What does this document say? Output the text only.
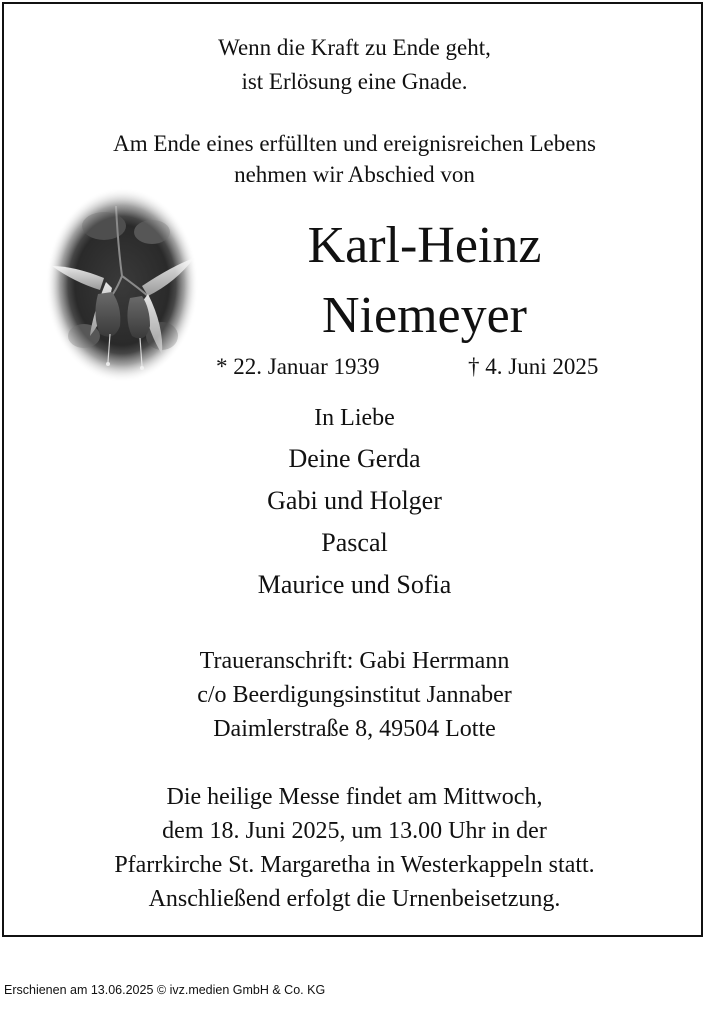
Wenn die Kraft zu Ende geht,
ist Erlösung eine Gnade.
Am Ende eines erfüllten und ereignisreichen Lebens
nehmen wir Abschied von
Karl-Heinz
Niemeyer
* 22. Januar 1939	† 4. Juni 2025
In Liebe
Deine Gerda
Gabi und Holger
Pascal
Maurice und Sofia
Traueranschrift: Gabi Herrmann
c/o Beerdigungsinstitut Jannaber
Daimlerstraße 8, 49504 Lotte
Die heilige Messe findet am Mittwoch,
dem 18. Juni 2025, um 13.00 Uhr in der
Pfarrkirche St. Margaretha in Westerkappeln statt.
Anschließend erfolgt die Urnenbeisetzung.
Erschienen am 13.06.2025 © ivz.medien GmbH & Co. KG
